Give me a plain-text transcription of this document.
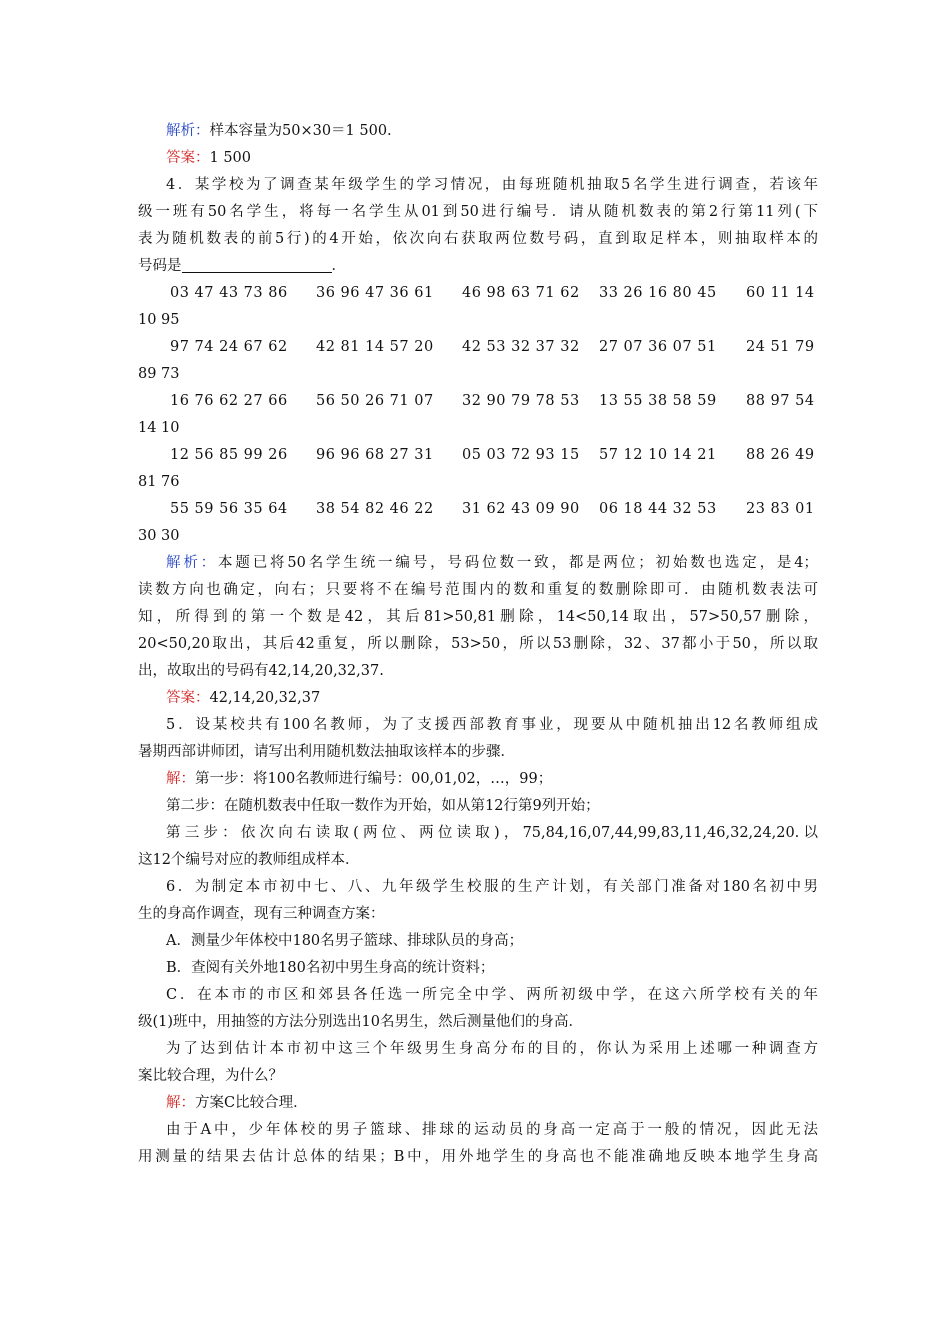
解析：样本容量为50×30＝1 500.
答案：1 500
4．某学校为了调查某年级学生的学习情况，由每班随机抽取5名学生进行调查，若该年
级一班有50名学生，将每一名学生从01到50进行编号．请从随机数表的第2行第11列(下
表为随机数表的前5行)的4开始，依次向右获取两位数号码，直到取足样本，则抽取样本的
号码是	．
03 47 43 73 86 36 96 47 36 61 46 98 63 71 62 33 26 16 80 45 60 11 14
10 95
97 74 24 67 62 42 81 14 57 20 42 53 32 37 32 27 07 36 07 51 24 51 79
89 73
16 76 62 27 66 56 50 26 71 07 32 90 79 78 53 13 55 38 58 59 88 97 54
14 10
12 56 85 99 26 96 96 68 27 31 05 03 72 93 15 57 12 10 14 21 88 26 49
81 76
55 59 56 35 64 38 54 82 46 22 31 62 43 09 90 06 18 44 32 53 23 83 01
30 30
解析：本题已将50名学生统一编号，号码位数一致，都是两位；初始数也选定，是4；
读数方向也确定，向右；只要将不在编号范围内的数和重复的数删除即可．由随机数表法可
知，所得到的第一个数是42，其后81>50,81删除，14<50,14取出，57>50,57删除，
20<50,20取出，其后42重复，所以删除，53>50，所以53删除，32、37都小于50，所以取
出，故取出的号码有42,14,20,32,37.
答案：42,14,20,32,37
5．设某校共有100名教师，为了支援西部教育事业，现要从中随机抽出12名教师组成
暑期西部讲师团，请写出利用随机数法抽取该样本的步骤．
解：第一步：将100名教师进行编号：00,01,02，…，99；
第二步：在随机数表中任取一数作为开始，如从第12行第9列开始；
第三步：依次向右读取(两位、两位读取)，75,84,16,07,44,99,83,11,46,32,24,20.以
这12个编号对应的教师组成样本．
6．为制定本市初中七、八、九年级学生校服的生产计划，有关部门准备对180名初中男
生的身高作调查，现有三种调查方案：
A．测量少年体校中180名男子篮球、排球队员的身高；
B．查阅有关外地180名初中男生身高的统计资料；
C．在本市的市区和郊县各任选一所完全中学、两所初级中学，在这六所学校有关的年
级(1)班中，用抽签的方法分别选出10名男生，然后测量他们的身高．
为了达到估计本市初中这三个年级男生身高分布的目的，你认为采用上述哪一种调查方
案比较合理，为什么？
解：方案C比较合理．
由于A中，少年体校的男子篮球、排球的运动员的身高一定高于一般的情况，因此无法
用测量的结果去估计总体的结果；B中，用外地学生的身高也不能准确地反映本地学生身高
